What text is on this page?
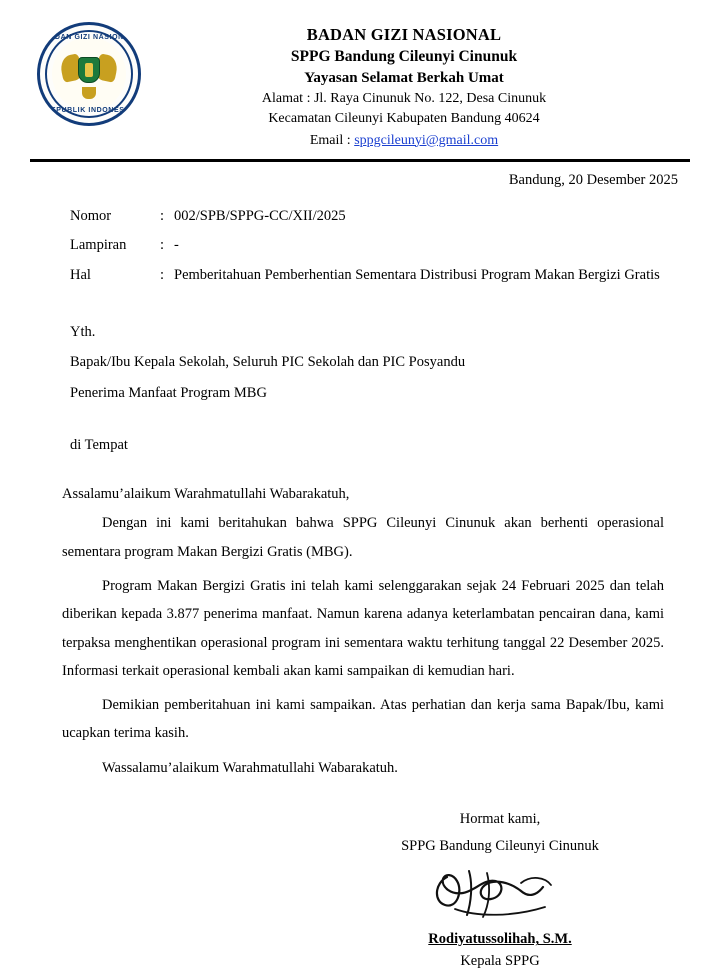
BADAN GIZI NASIONAL
REPUBLIK INDONESIA
BADAN GIZI NASIONAL
SPPG Bandung Cileunyi Cinunuk
Yayasan Selamat Berkah Umat
Alamat : Jl. Raya Cinunuk No. 122, Desa Cinunuk
Kecamatan Cileunyi Kabupaten Bandung 40624
Email : sppgcileunyi@gmail.com
Bandung, 20 Desember 2025
Nomor	: 002/SPB/SPPG-CC/XII/2025
Lampiran	: -
Hal	: Pemberitahuan Pemberhentian Sementara Distribusi Program Makan Bergizi Gratis
Yth.
Bapak/Ibu Kepala Sekolah, Seluruh PIC Sekolah dan PIC Posyandu
Penerima Manfaat Program MBG
di Tempat
Assalamu’alaikum Warahmatullahi Wabarakatuh,
Dengan ini kami beritahukan bahwa SPPG Cileunyi Cinunuk akan berhenti operasional sementara program Makan Bergizi Gratis (MBG).
Program Makan Bergizi Gratis ini telah kami selenggarakan sejak 24 Februari 2025 dan telah diberikan kepada 3.877 penerima manfaat. Namun karena adanya keterlambatan pencairan dana, kami terpaksa menghentikan operasional program ini sementara waktu terhitung tanggal 22 Desember 2025. Informasi terkait operasional kembali akan kami sampaikan di kemudian hari.
Demikian pemberitahuan ini kami sampaikan. Atas perhatian dan kerja sama Bapak/Ibu, kami ucapkan terima kasih.
Wassalamu’alaikum Warahmatullahi Wabarakatuh.
Hormat kami,
SPPG Bandung Cileunyi Cinunuk
Rodiyatussolihah, S.M.
Kepala SPPG
